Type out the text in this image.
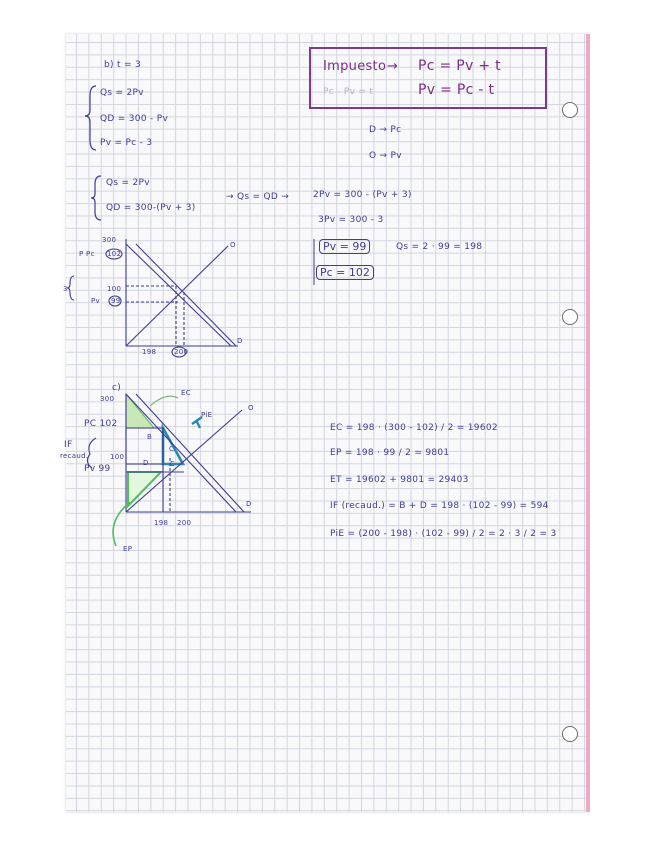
Impuesto → Pc = Pv + t
Pc - Pv = t	Pv = Pc - t
b) t = 3
Qs = 2Pv
QD = 300 - Pv
Pv = Pc - 3
D → Pc
O → Pv
Qs = 2Pv
QD = 300-(Pv + 3)
→ Qs = QD →	2Pv = 300 - (Pv + 3)
3Pv = 300 - 3
Pv = 99
Pc = 102
Qs = 2 · 99 = 198
300
P Pc 102
3
Pv 99
100
O
D
198	200
c)
300
PC 102
IF
recaud.	100
Pv 99
B
C
D	E
EC
PiE
EP
O
D
198 200
EC = 198 · (300 - 102) / 2 = 19602
EP = 198 · 99 / 2 = 9801
ET = 19602 + 9801 = 29403
IF (recaud.) = B + D = 198 · (102 - 99) = 594
PiE = (200 - 198) · (102 - 99) / 2 = 2 · 3 / 2 = 3
